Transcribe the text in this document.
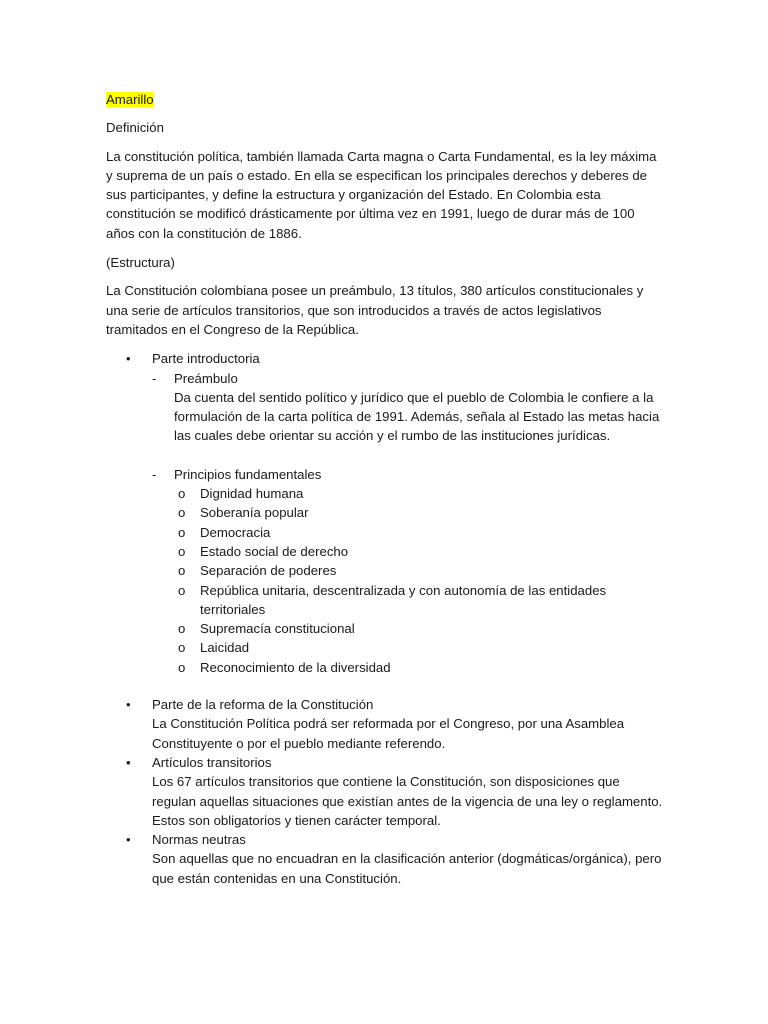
Amarillo

Definición

La constitución política, también llamada Carta magna o Carta Fundamental, es la ley máxima y suprema de un país o estado. En ella se especifican los principales derechos y deberes de sus participantes, y define la estructura y organización del Estado. En Colombia esta constitución se modificó drásticamente por última vez en 1991, luego de durar más de 100 años con la constitución de 1886.

(Estructura)

La Constitución colombiana posee un preámbulo, 13 títulos, 380 artículos constitucionales y una serie de artículos transitorios, que son introducidos a través de actos legislativos tramitados en el Congreso de la República.

• Parte introductoria
- Preámbulo
Da cuenta del sentido político y jurídico que el pueblo de Colombia le confiere a la formulación de la carta política de 1991. Además, señala al Estado las metas hacia las cuales debe orientar su acción y el rumbo de las instituciones jurídicas.
- Principios fundamentales
o Dignidad humana
o Soberanía popular
o Democracia
o Estado social de derecho
o Separación de poderes
o República unitaria, descentralizada y con autonomía de las entidades territoriales
o Supremacía constitucional
o Laicidad
o Reconocimiento de la diversidad
• Parte de la reforma de la Constitución
La Constitución Política podrá ser reformada por el Congreso, por una Asamblea Constituyente o por el pueblo mediante referendo.
• Artículos transitorios
Los 67 artículos transitorios que contiene la Constitución, son disposiciones que regulan aquellas situaciones que existían antes de la vigencia de una ley o reglamento. Estos son obligatorios y tienen carácter temporal.
• Normas neutras
Son aquellas que no encuadran en la clasificación anterior (dogmáticas/orgánica), pero que están contenidas en una Constitución.
